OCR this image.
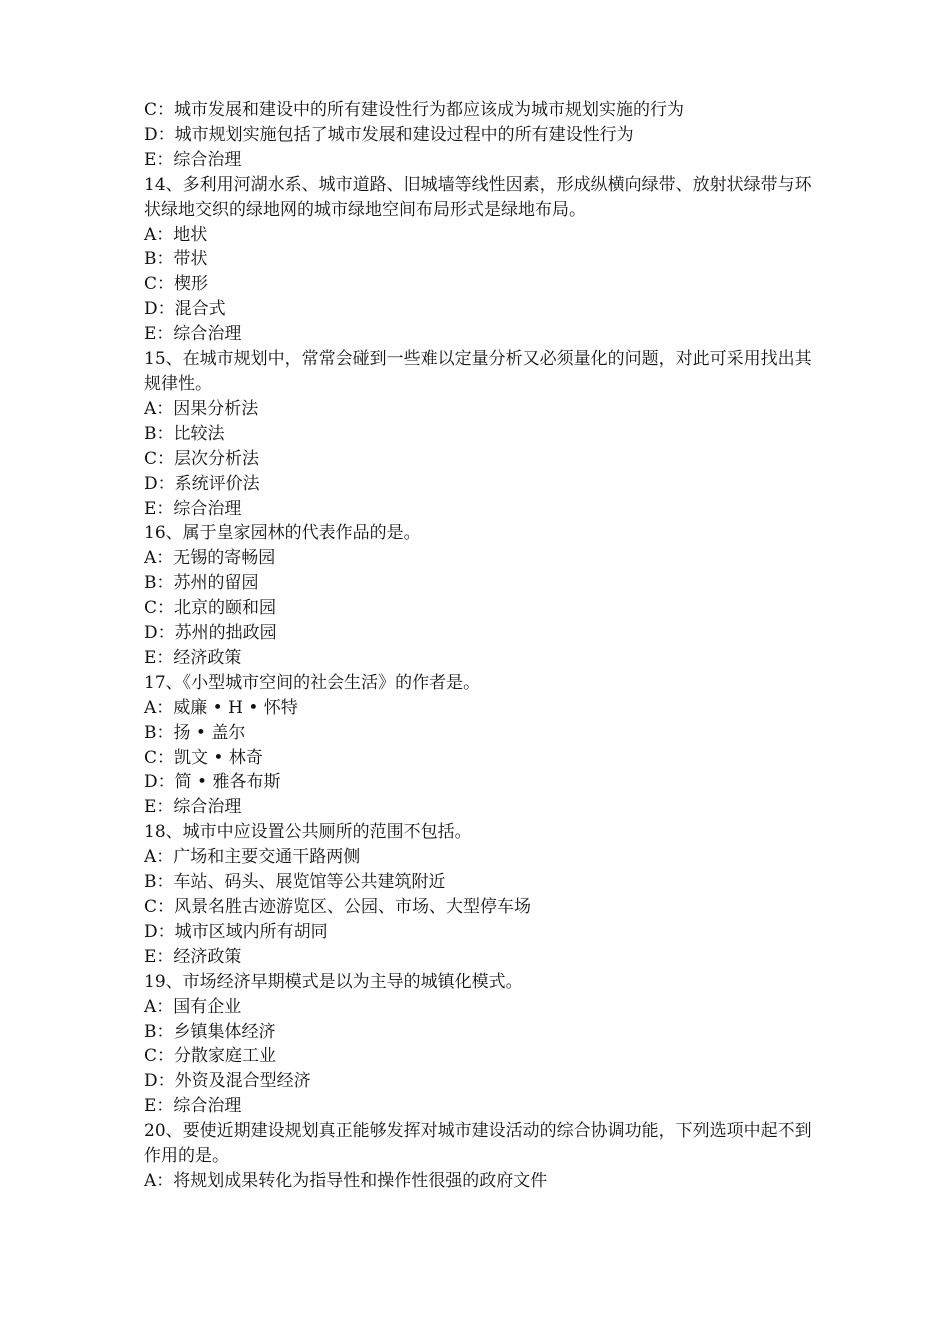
C：城市发展和建设中的所有建设性行为都应该成为城市规划实施的行为
D：城市规划实施包括了城市发展和建设过程中的所有建设性行为
E：综合治理
14、多利用河湖水系、城市道路、旧城墙等线性因素，形成纵横向绿带、放射状绿带与环状绿地交织的绿地网的城市绿地空间布局形式是绿地布局。
A：地状
B：带状
C：楔形
D：混合式
E：综合治理
15、在城市规划中，常常会碰到一些难以定量分析又必须量化的问题，对此可采用找出其规律性。
A：因果分析法
B：比较法
C：层次分析法
D：系统评价法
E：综合治理
16、属于皇家园林的代表作品的是。
A：无锡的寄畅园
B：苏州的留园
C：北京的颐和园
D：苏州的拙政园
E：经济政策
17、《小型城市空间的社会生活》的作者是。
A：威廉 • H • 怀特
B：扬 • 盖尔
C：凯文 • 林奇
D：简 • 雅各布斯
E：综合治理
18、城市中应设置公共厕所的范围不包括。
A：广场和主要交通干路两侧
B：车站、码头、展览馆等公共建筑附近
C：风景名胜古迹游览区、公园、市场、大型停车场
D：城市区域内所有胡同
E：经济政策
19、市场经济早期模式是以为主导的城镇化模式。
A：国有企业
B：乡镇集体经济
C：分散家庭工业
D：外资及混合型经济
E：综合治理
20、要使近期建设规划真正能够发挥对城市建设活动的综合协调功能，下列选项中起不到作用的是。
A：将规划成果转化为指导性和操作性很强的政府文件
